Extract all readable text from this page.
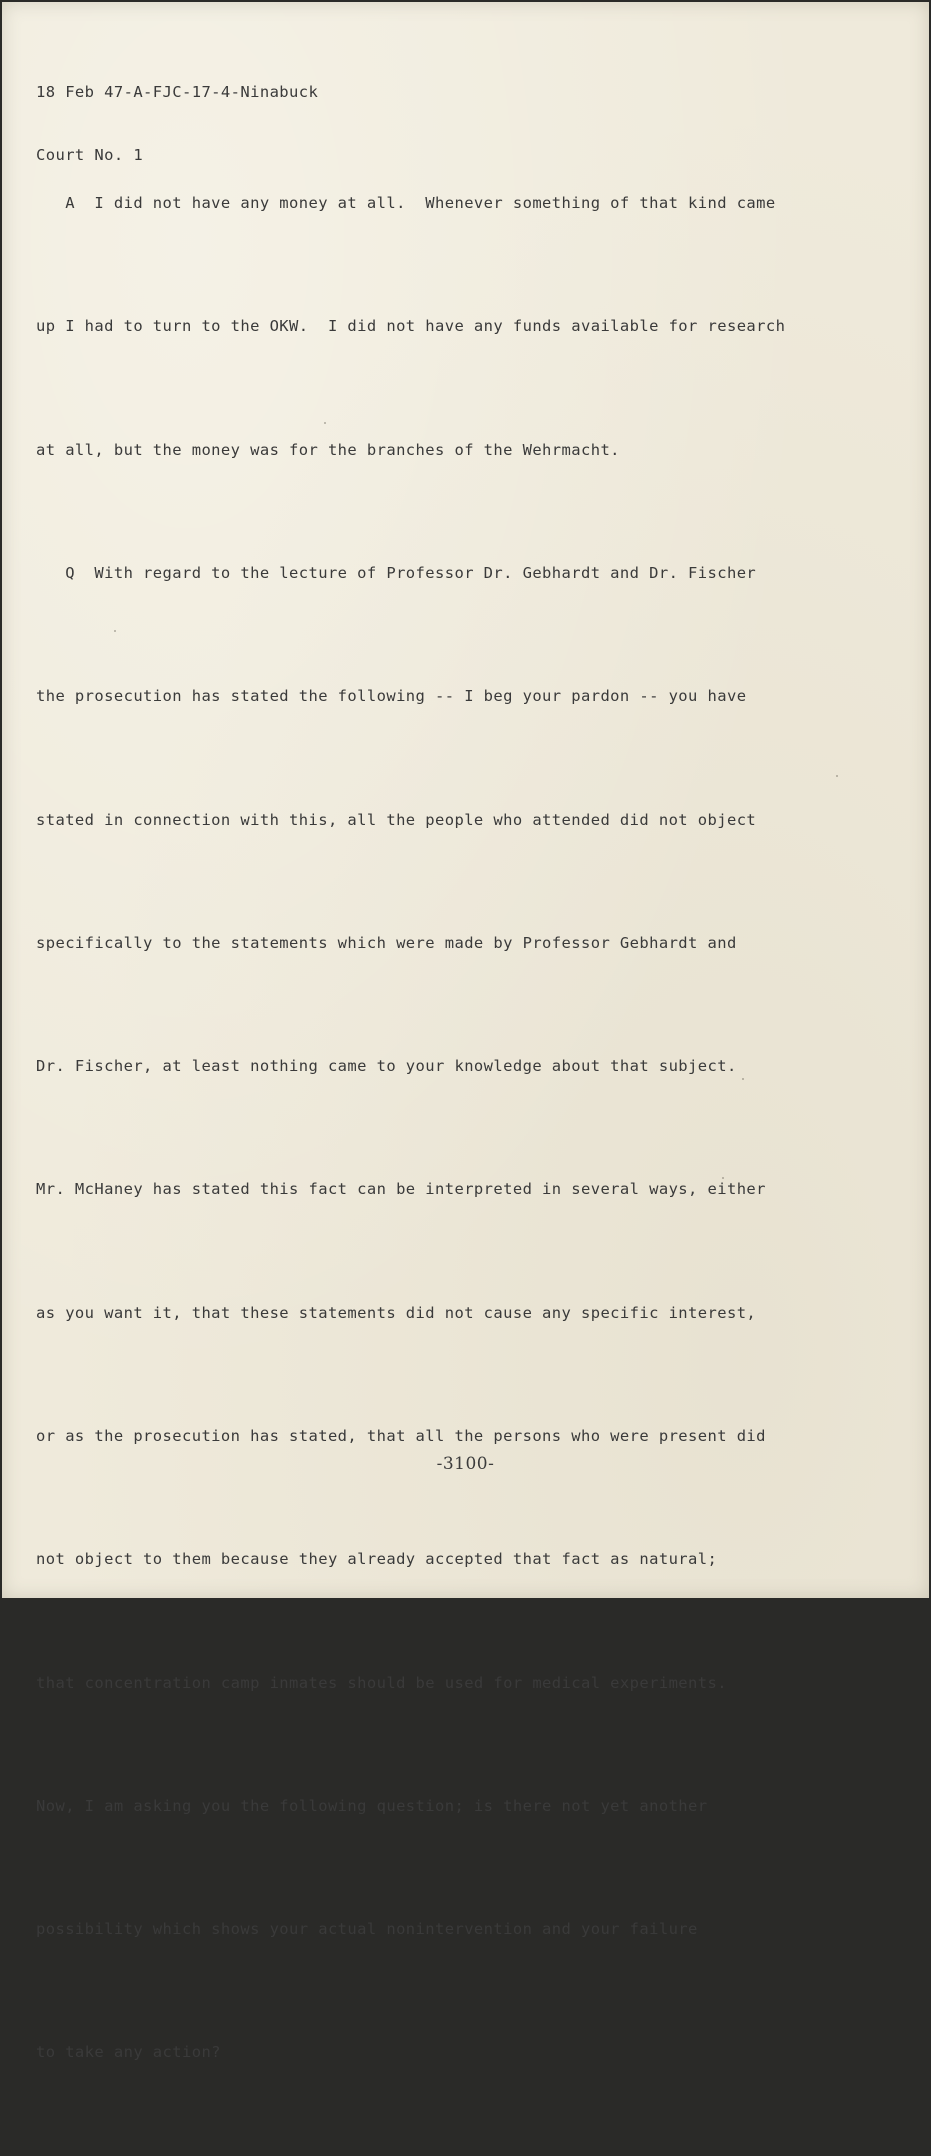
18 Feb 47-A-FJC-17-4-Ninabuck

Court No. 1

A  I did not have any money at all.  Whenever something of that kind came

up I had to turn to the OKW.  I did not have any funds available for research

at all, but the money was for the branches of the Wehrmacht.

Q  With regard to the lecture of Professor Dr. Gebhardt and Dr. Fischer

the prosecution has stated the following -- I beg your pardon -- you have

stated in connection with this, all the people who attended did not object

specifically to the statements which were made by Professor Gebhardt and

Dr. Fischer, at least nothing came to your knowledge about that subject.

Mr. McHaney has stated this fact can be interpreted in several ways, either

as you want it, that these statements did not cause any specific interest,

or as the prosecution has stated, that all the persons who were present did

not object to them because they already accepted that fact as natural;

that concentration camp inmates should be used for medical experiments.

Now, I am asking you the following question; is there not yet another

possibility which shows your actual nonintervention and your failure

to take any action?

-3100-
